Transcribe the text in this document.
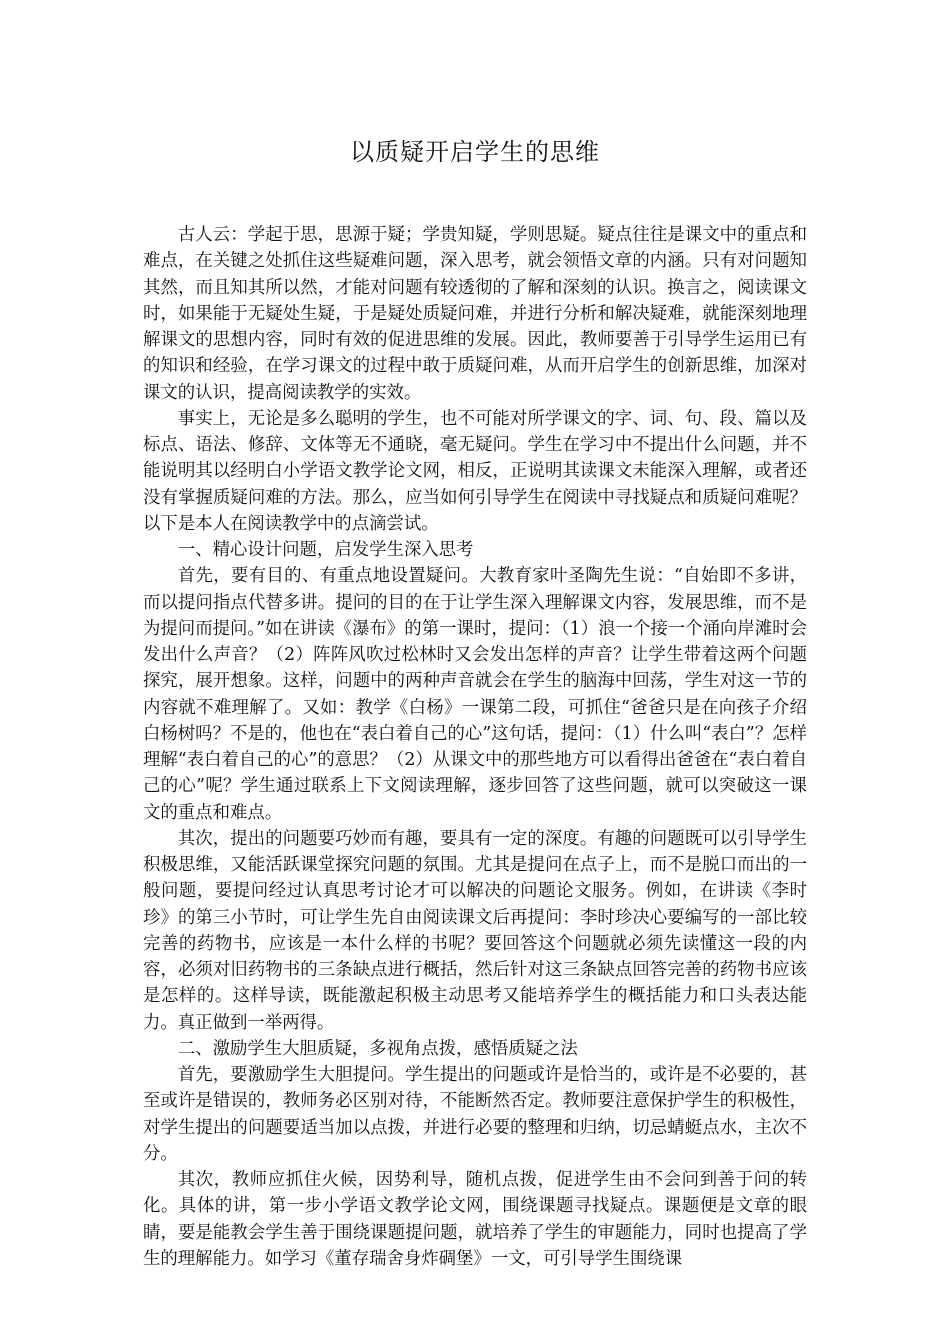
以质疑开启学生的思维

古人云：学起于思，思源于疑；学贵知疑，学则思疑。疑点往往是课文中的重点和难点，在关键之处抓住这些疑难问题，深入思考，就会领悟文章的内涵。只有对问题知其然，而且知其所以然，才能对问题有较透彻的了解和深刻的认识。换言之，阅读课文时，如果能于无疑处生疑，于是疑处质疑问难，并进行分析和解决疑难，就能深刻地理解课文的思想内容，同时有效的促进思维的发展。因此，教师要善于引导学生运用已有的知识和经验，在学习课文的过程中敢于质疑问难，从而开启学生的创新思维，加深对课文的认识，提高阅读教学的实效。

事实上，无论是多么聪明的学生，也不可能对所学课文的字、词、句、段、篇以及标点、语法、修辞、文体等无不通晓，毫无疑问。学生在学习中不提出什么问题，并不能说明其以经明白小学语文教学论文网，相反，正说明其读课文未能深入理解，或者还没有掌握质疑问难的方法。那么，应当如何引导学生在阅读中寻找疑点和质疑问难呢？以下是本人在阅读教学中的点滴尝试。

一、精心设计问题，启发学生深入思考

首先，要有目的、有重点地设置疑问。大教育家叶圣陶先生说：“自始即不多讲，而以提问指点代替多讲。提问的目的在于让学生深入理解课文内容，发展思维，而不是为提问而提问。”如在讲读《瀑布》的第一课时，提问：（1）浪一个接一个涌向岸滩时会发出什么声音？（2）阵阵风吹过松林时又会发出怎样的声音？让学生带着这两个问题探究，展开想象。这样，问题中的两种声音就会在学生的脑海中回荡，学生对这一节的内容就不难理解了。又如：教学《白杨》一课第二段，可抓住“爸爸只是在向孩子介绍白杨树吗？不是的，他也在“表白着自己的心”这句话，提问：（1）什么叫“表白”？怎样理解“表白着自己的心”的意思？（2）从课文中的那些地方可以看得出爸爸在“表白着自己的心”呢？学生通过联系上下文阅读理解，逐步回答了这些问题，就可以突破这一课文的重点和难点。

其次，提出的问题要巧妙而有趣，要具有一定的深度。有趣的问题既可以引导学生积极思维，又能活跃课堂探究问题的氛围。尤其是提问在点子上，而不是脱口而出的一般问题，要提问经过认真思考讨论才可以解决的问题论文服务。例如，在讲读《李时珍》的第三小节时，可让学生先自由阅读课文后再提问：李时珍决心要编写的一部比较完善的药物书，应该是一本什么样的书呢？要回答这个问题就必须先读懂这一段的内容，必须对旧药物书的三条缺点进行概括，然后针对这三条缺点回答完善的药物书应该是怎样的。这样导读，既能激起积极主动思考又能培养学生的概括能力和口头表达能力。真正做到一举两得。

二、激励学生大胆质疑，多视角点拨，感悟质疑之法

首先，要激励学生大胆提问。学生提出的问题或许是恰当的，或许是不必要的，甚至或许是错误的，教师务必区别对待，不能断然否定。教师要注意保护学生的积极性，对学生提出的问题要适当加以点拨，并进行必要的整理和归纳，切忌蜻蜓点水，主次不分。

其次，教师应抓住火候，因势利导，随机点拨，促进学生由不会问到善于问的转化。具体的讲，第一步小学语文教学论文网，围绕课题寻找疑点。课题便是文章的眼睛，要是能教会学生善于围绕课题提问题，就培养了学生的审题能力，同时也提高了学生的理解能力。如学习《董存瑞舍身炸碉堡》一文，可引导学生围绕课
